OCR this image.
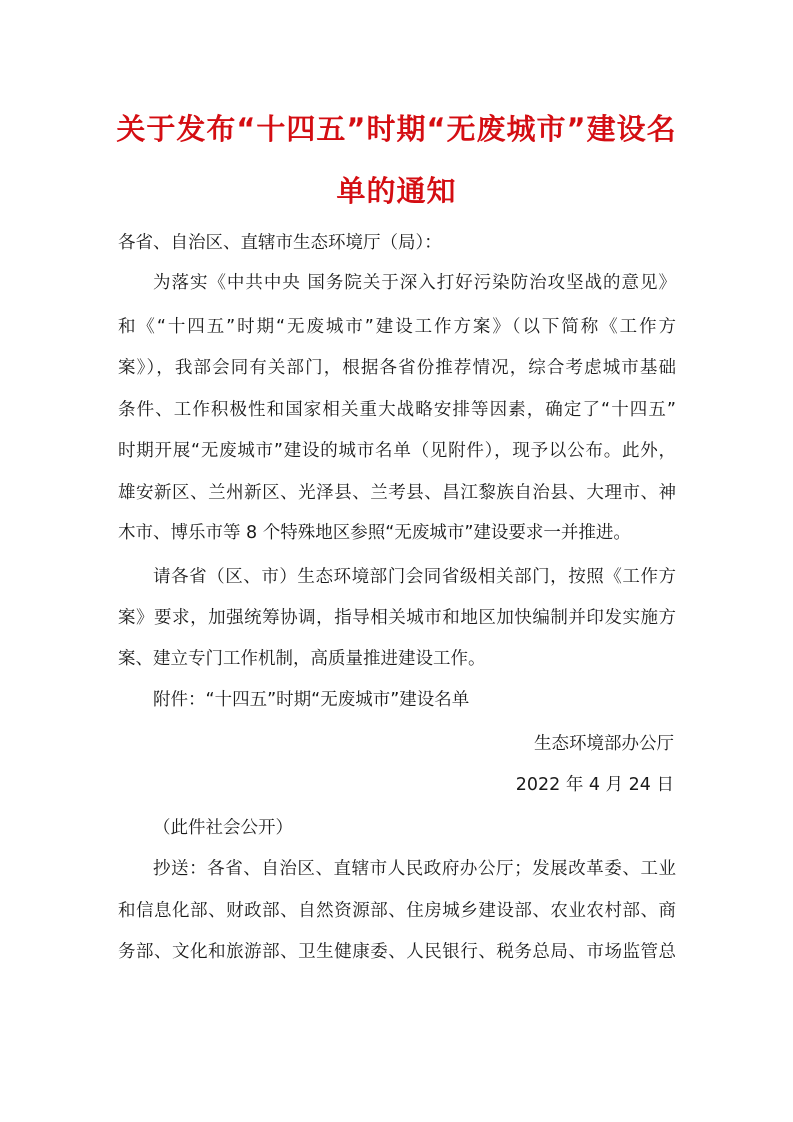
关于发布“十四五”时期“无废城市”建设名
单的通知

各省、自治区、直辖市生态环境厅（局）：

为落实《中共中央 国务院关于深入打好污染防治攻坚战的意见》

和《“十四五”时期“无废城市”建设工作方案》（以下简称《工作方

案》），我部会同有关部门，根据各省份推荐情况，综合考虑城市基础

条件、工作积极性和国家相关重大战略安排等因素，确定了“十四五”

时期开展“无废城市”建设的城市名单（见附件），现予以公布。此外，

雄安新区、兰州新区、光泽县、兰考县、昌江黎族自治县、大理市、神

木市、博乐市等 8 个特殊地区参照“无废城市”建设要求一并推进。

请各省（区、市）生态环境部门会同省级相关部门，按照《工作方

案》要求，加强统筹协调，指导相关城市和地区加快编制并印发实施方

案、建立专门工作机制，高质量推进建设工作。

附件：“十四五”时期“无废城市”建设名单

生态环境部办公厅

2022 年 4 月 24 日

（此件社会公开）

抄送：各省、自治区、直辖市人民政府办公厅；发展改革委、工业

和信息化部、财政部、自然资源部、住房城乡建设部、农业农村部、商

务部、文化和旅游部、卫生健康委、人民银行、税务总局、市场监管总
